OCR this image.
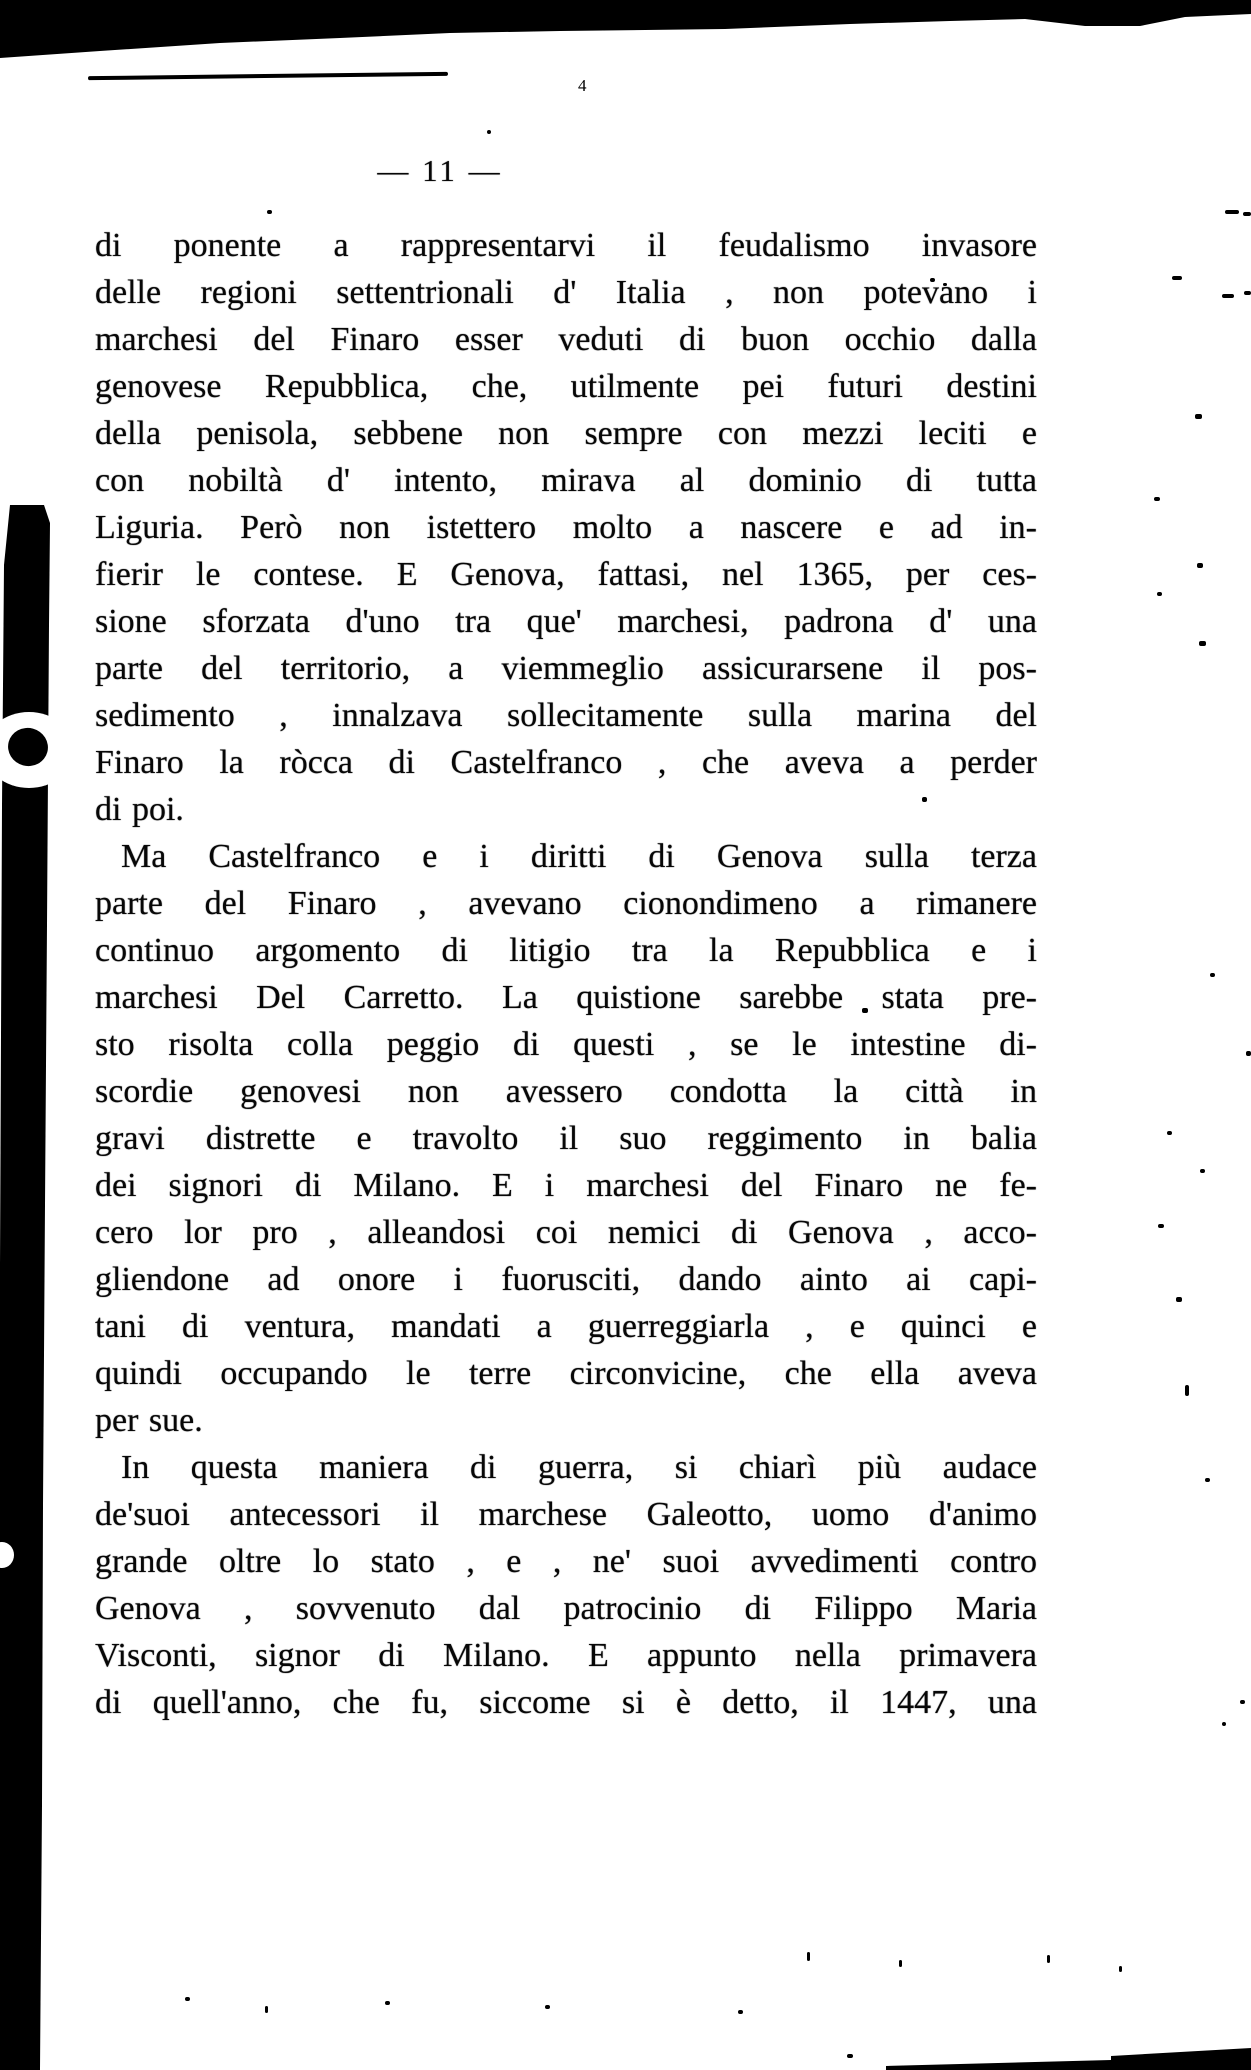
4
— 11 —
di ponente a rappresentarvi il feudalismo invasore
delle regioni settentrionali d' Italia , non potevano i
marchesi del Finaro esser veduti di buon occhio dalla
genovese Repubblica, che, utilmente pei futuri destini
della penisola, sebbene non sempre con mezzi leciti e
con nobiltà d' intento, mirava al dominio di tutta
Liguria. Però non istettero molto a nascere e ad in-
fierir le contese. E Genova, fattasi, nel 1365, per ces-
sione sforzata d'uno tra que' marchesi, padrona d' una
parte del territorio, a viemmeglio assicurarsene il pos-
sedimento , innalzava sollecitamente sulla marina del
Finaro la ròcca di Castelfranco , che aveva a perder
di poi.
Ma Castelfranco e i diritti di Genova sulla terza
parte del Finaro , avevano cionondimeno a rimanere
continuo argomento di litigio tra la Repubblica e i
marchesi Del Carretto. La quistione sarebbe stata pre-
sto risolta colla peggio di questi , se le intestine di-
scordie genovesi non avessero condotta la città in
gravi distrette e travolto il suo reggimento in balia
dei signori di Milano. E i marchesi del Finaro ne fe-
cero lor pro , alleandosi coi nemici di Genova , acco-
gliendone ad onore i fuorusciti, dando ainto ai capi-
tani di ventura, mandati a guerreggiarla , e quinci e
quindi occupando le terre circonvicine, che ella aveva
per sue.
In questa maniera di guerra, si chiarì più audace
de'suoi antecessori il marchese Galeotto, uomo d'animo
grande oltre lo stato , e , ne' suoi avvedimenti contro
Genova , sovvenuto dal patrocinio di Filippo Maria
Visconti, signor di Milano. E appunto nella primavera
di quell'anno, che fu, siccome si è detto, il 1447, una
